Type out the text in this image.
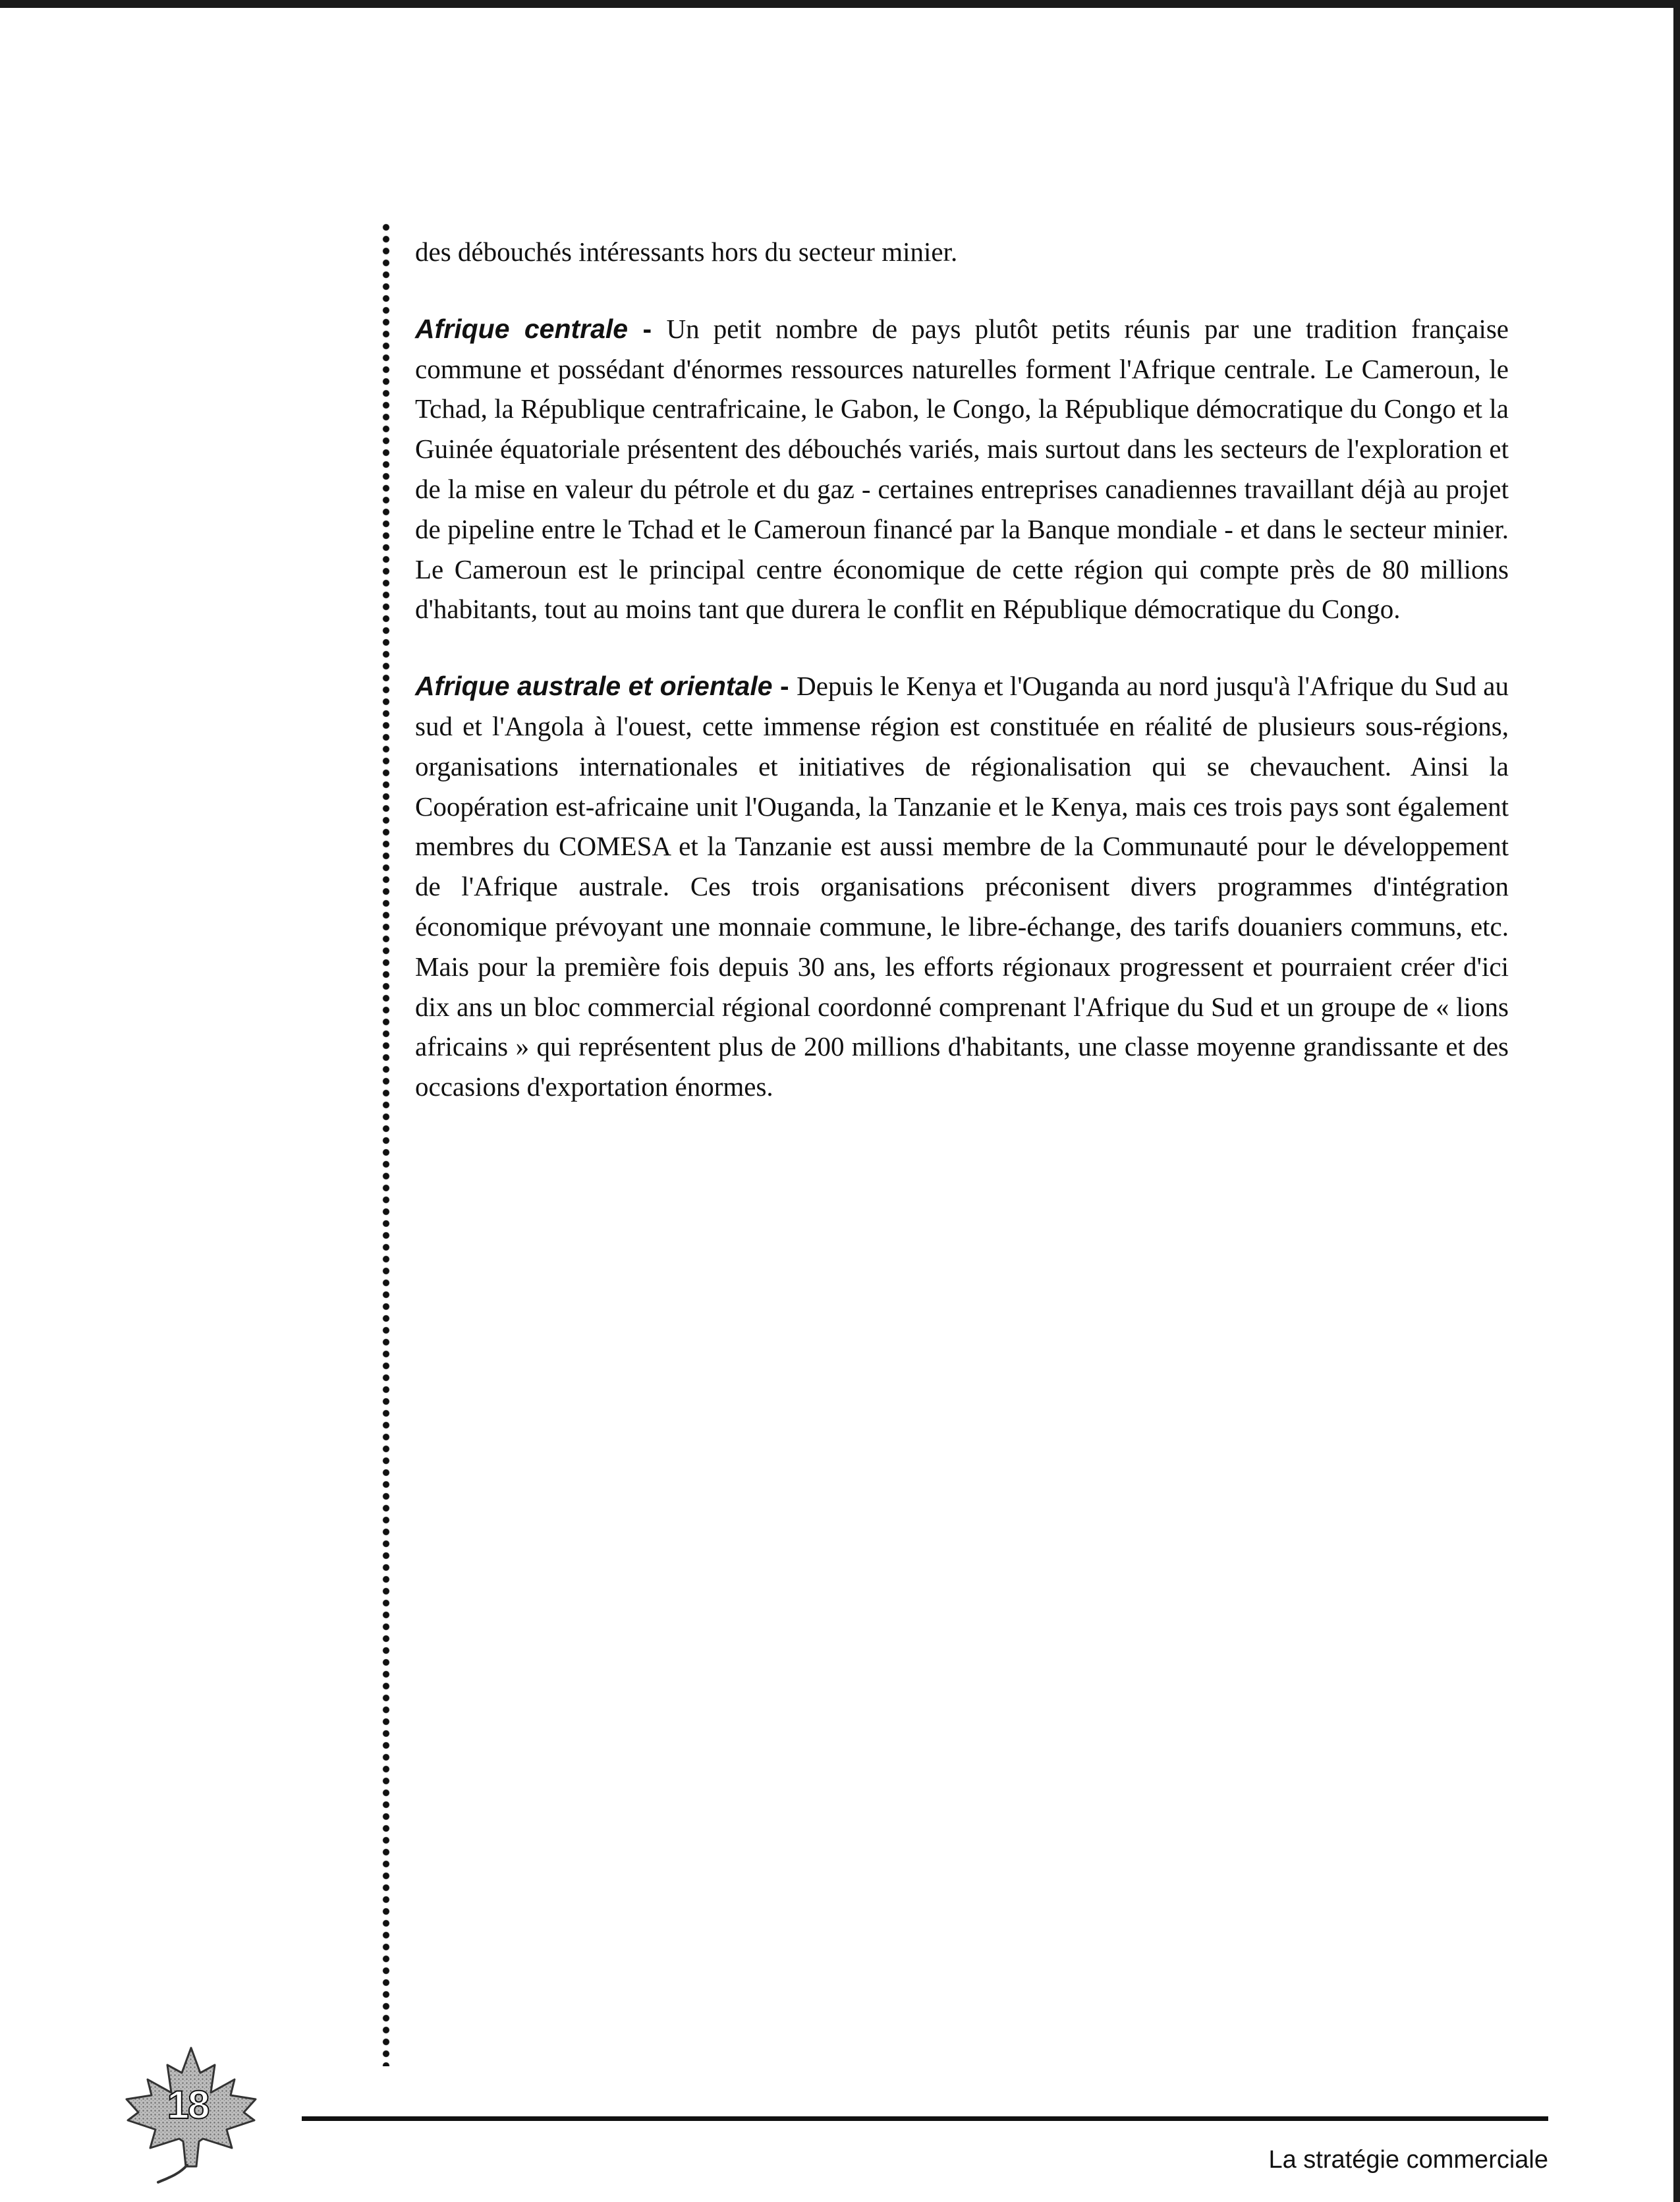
des débouchés intéressants hors du secteur minier.

Afrique centrale - Un petit nombre de pays plutôt petits réunis par une tradition française commune et possédant d'énormes ressources naturelles forment l'Afrique centrale. Le Cameroun, le Tchad, la République centrafricaine, le Gabon, le Congo, la République démocratique du Congo et la Guinée équatoriale présentent des débouchés variés, mais surtout dans les secteurs de l'exploration et de la mise en valeur du pétrole et du gaz - certaines entreprises canadiennes travaillant déjà au projet de pipeline entre le Tchad et le Cameroun financé par la Banque mondiale - et dans le secteur minier. Le Cameroun est le principal centre économique de cette région qui compte près de 80 millions d'habitants, tout au moins tant que durera le conflit en République démocratique du Congo.

Afrique australe et orientale - Depuis le Kenya et l'Ouganda au nord jusqu'à l'Afrique du Sud au sud et l'Angola à l'ouest, cette immense région est constituée en réalité de plusieurs sous-régions, organisations internationales et initiatives de régionalisation qui se chevauchent. Ainsi la Coopération est-africaine unit l'Ouganda, la Tanzanie et le Kenya, mais ces trois pays sont également membres du COMESA et la Tanzanie est aussi membre de la Communauté pour le développement de l'Afrique australe. Ces trois organisations préconisent divers programmes d'intégration économique prévoyant une monnaie commune, le libre-échange, des tarifs douaniers communs, etc. Mais pour la première fois depuis 30 ans, les efforts régionaux progressent et pourraient créer d'ici dix ans un bloc commercial régional coordonné comprenant l'Afrique du Sud et un groupe de « lions africains » qui représentent plus de 200 millions d'habitants, une classe moyenne grandissante et des occasions d'exportation énormes.

18
La stratégie commerciale
